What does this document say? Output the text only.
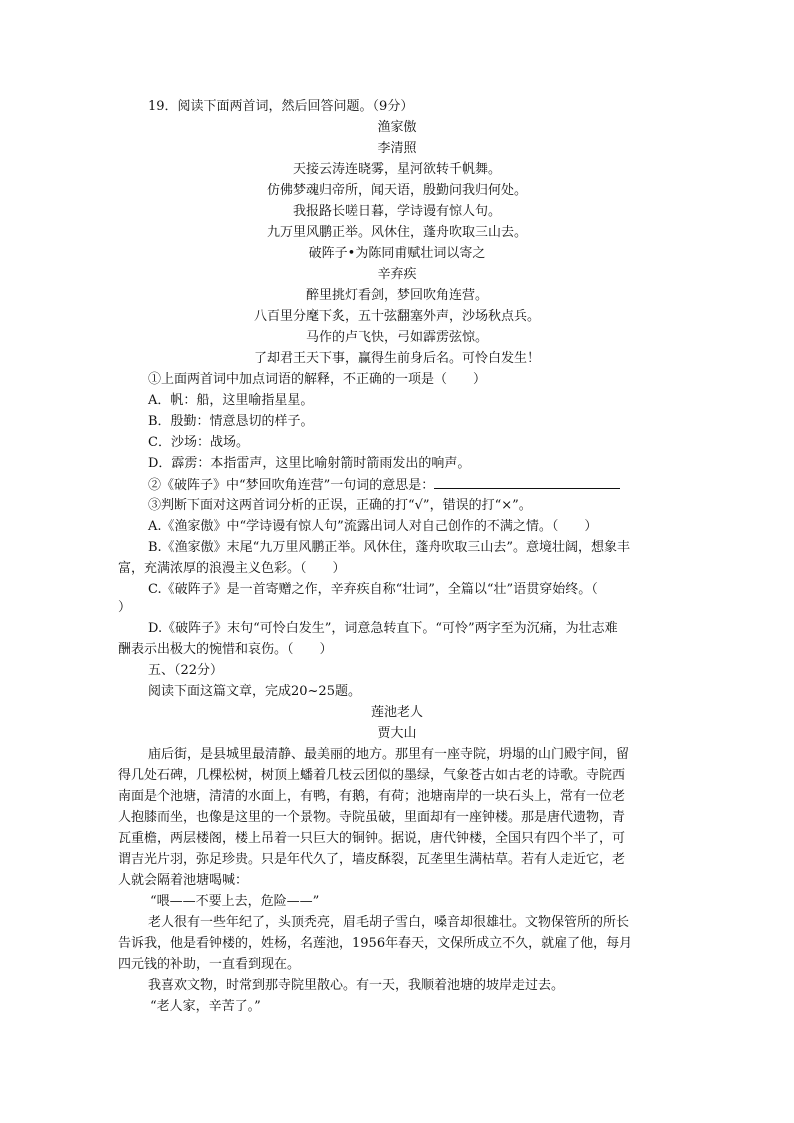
19．阅读下面两首词，然后回答问题。（9分）
渔家傲
李清照
天接云涛连晓雾，星河欲转千帆舞。
仿佛梦魂归帝所，闻天语，殷勤问我归何处。
我报路长嗟日暮，学诗谩有惊人句。
九万里风鹏正举。风休住，蓬舟吹取三山去。
破阵子•为陈同甫赋壮词以寄之
辛弃疾
醉里挑灯看剑，梦回吹角连营。
八百里分麾下炙，五十弦翻塞外声，沙场秋点兵。
马作的卢飞快，弓如霹雳弦惊。
了却君王天下事，赢得生前身后名。可怜白发生！
①上面两首词中加点词语的解释，不正确的一项是（　　）
A．帆：船，这里喻指星星。
B．殷勤：情意恳切的样子。
C．沙场：战场。
D．霹雳：本指雷声，这里比喻射箭时箭雨发出的响声。
②《破阵子》中“梦回吹角连营”一句词的意思是：
③判断下面对这两首词分析的正误，正确的打“√”，错误的打“×”。
A.《渔家傲》中“学诗谩有惊人句”流露出词人对自己创作的不满之情。（　　）
B.《渔家傲》末尾“九万里风鹏正举。风休住，蓬舟吹取三山去”。意境壮阔，想象丰
富，充满浓厚的浪漫主义色彩。（　　）
C.《破阵子》是一首寄赠之作，辛弃疾自称“壮词”，全篇以“壮”语贯穿始终。（
）
D.《破阵子》末句“可怜白发生”，词意急转直下。“可怜”两字至为沉痛，为壮志难
酬表示出极大的惋惜和哀伤。（　　）
五、（22分）
阅读下面这篇文章，完成20~25题。
莲池老人
贾大山
庙后街，是县城里最清静、最美丽的地方。那里有一座寺院，坍塌的山门殿宇间，留
得几处石碑，几棵松树，树顶上蟠着几枝云团似的墨绿，气象苍古如古老的诗歌。寺院西
南面是个池塘，清清的水面上，有鸭，有鹅，有荷；池塘南岸的一块石头上，常有一位老
人抱膝而坐，也像是这里的一个景物。寺院虽破，里面却有一座钟楼。那是唐代遗物，青
瓦重檐，两层楼阁，楼上吊着一只巨大的铜钟。据说，唐代钟楼，全国只有四个半了，可
谓吉光片羽，弥足珍贵。只是年代久了，墙皮酥裂，瓦垄里生满枯草。若有人走近它，老
人就会隔着池塘喝喊：
“喂——不要上去，危险——”
老人很有一些年纪了，头顶秃亮，眉毛胡子雪白，嗓音却很雄壮。文物保管所的所长
告诉我，他是看钟楼的，姓杨，名莲池，1956年春天，文保所成立不久，就雇了他，每月
四元钱的补助，一直看到现在。
我喜欢文物，时常到那寺院里散心。有一天，我顺着池塘的坡岸走过去。
“老人家，辛苦了。”
